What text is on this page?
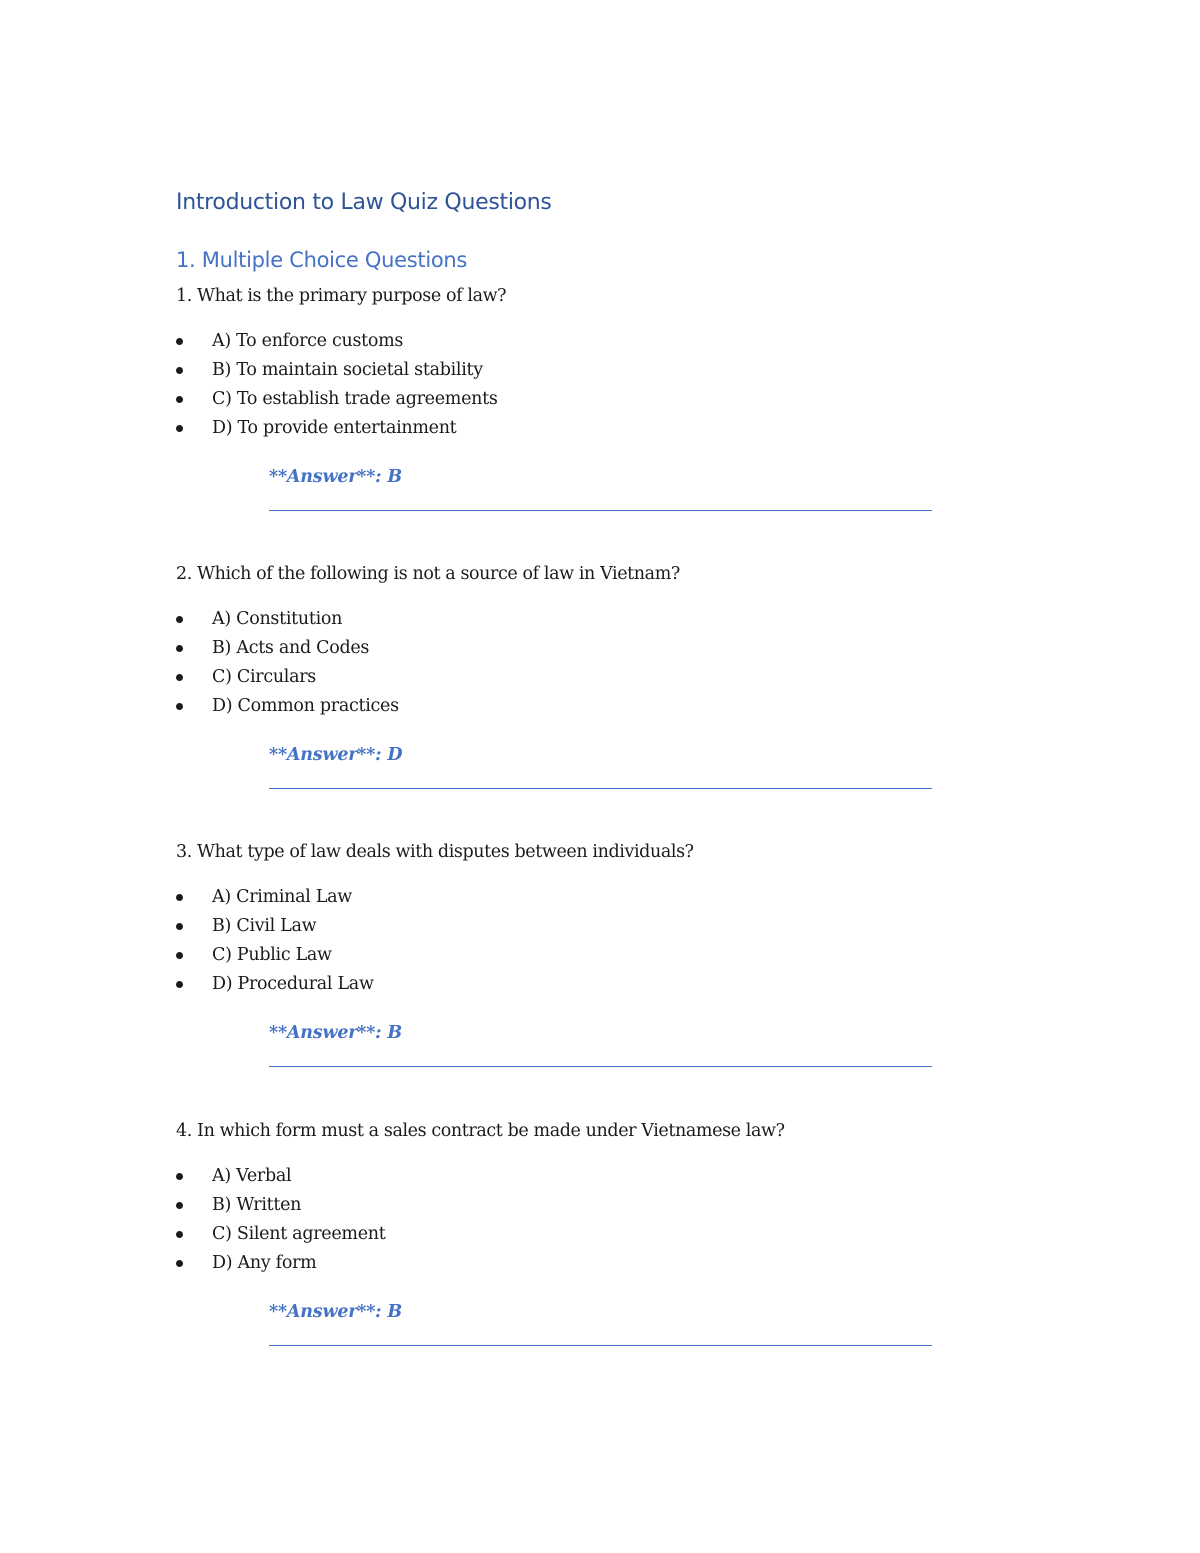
Introduction to Law Quiz Questions
1. Multiple Choice Questions

1. What is the primary purpose of law?

A) To enforce customs
B) To maintain societal stability
C) To establish trade agreements
D) To provide entertainment
**Answer**: B

2. Which of the following is not a source of law in Vietnam?

A) Constitution
B) Acts and Codes
C) Circulars
D) Common practices
**Answer**: D

3. What type of law deals with disputes between individuals?

A) Criminal Law
B) Civil Law
C) Public Law
D) Procedural Law
**Answer**: B

4. In which form must a sales contract be made under Vietnamese law?

A) Verbal
B) Written
C) Silent agreement
D) Any form
**Answer**: B
